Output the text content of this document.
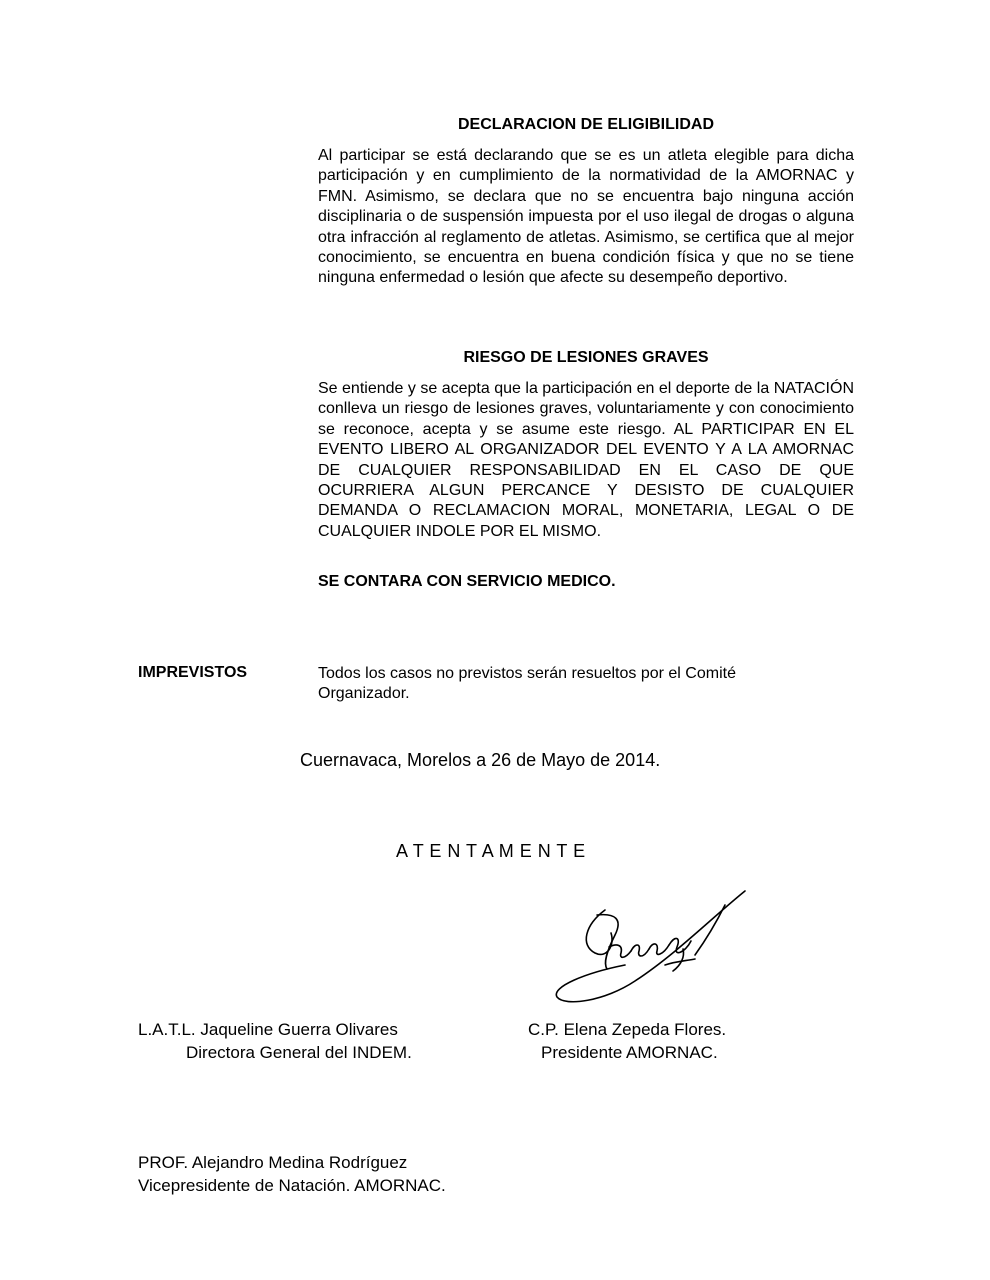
DECLARACION DE ELIGIBILIDAD
Al participar se está declarando que se es un atleta elegible para dicha participación y en cumplimiento de la normatividad de la AMORNAC y FMN. Asimismo, se declara que no se encuentra bajo ninguna acción disciplinaria o de suspensión impuesta por el uso ilegal de drogas o alguna otra infracción al reglamento de atletas. Asimismo, se certifica que al mejor conocimiento, se encuentra en buena condición física y que no se tiene ninguna enfermedad o lesión que afecte su desempeño deportivo.
RIESGO DE LESIONES GRAVES
Se entiende y se acepta que la participación en el deporte de la NATACIÓN conlleva un riesgo de lesiones graves, voluntariamente y con conocimiento se reconoce, acepta y se asume este riesgo. AL PARTICIPAR EN EL EVENTO LIBERO AL ORGANIZADOR DEL EVENTO Y A LA AMORNAC DE CUALQUIER RESPONSABILIDAD EN EL CASO DE QUE OCURRIERA ALGUN PERCANCE Y DESISTO DE CUALQUIER DEMANDA O RECLAMACION MORAL, MONETARIA, LEGAL O DE CUALQUIER INDOLE POR EL MISMO.
SE CONTARA CON SERVICIO MEDICO.
IMPREVISTOS	Todos los casos no previstos serán resueltos por el Comité Organizador.
Cuernavaca, Morelos a 26 de Mayo de 2014.
A T E N T A M E N T E
L.A.T.L. Jaqueline Guerra Olivares
Directora General del INDEM.
C.P. Elena Zepeda Flores.
Presidente AMORNAC.
PROF. Alejandro Medina Rodríguez
Vicepresidente de Natación. AMORNAC.
